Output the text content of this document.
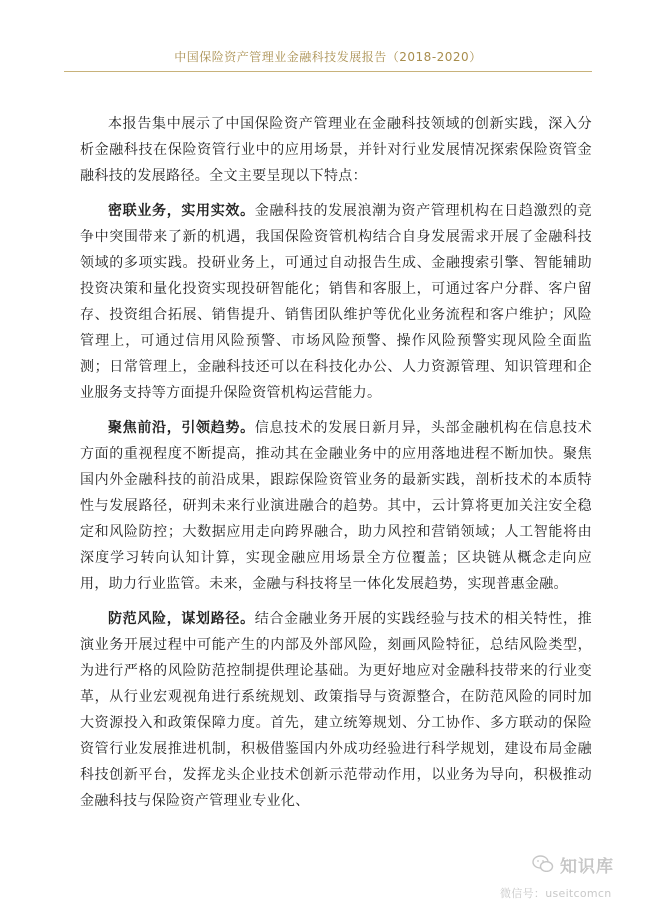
中国保险资产管理业金融科技发展报告（2018-2020）

本报告集中展示了中国保险资产管理业在金融科技领域的创新实践，深入分析金融科技在保险资管行业中的应用场景，并针对行业发展情况探索保险资管金融科技的发展路径。全文主要呈现以下特点：

密联业务，实用实效。金融科技的发展浪潮为资产管理机构在日趋激烈的竞争中突围带来了新的机遇，我国保险资管机构结合自身发展需求开展了金融科技领域的多项实践。投研业务上，可通过自动报告生成、金融搜索引擎、智能辅助投资决策和量化投资实现投研智能化；销售和客服上，可通过客户分群、客户留存、投资组合拓展、销售提升、销售团队维护等优化业务流程和客户维护；风险管理上，可通过信用风险预警、市场风险预警、操作风险预警实现风险全面监测；日常管理上，金融科技还可以在科技化办公、人力资源管理、知识管理和企业服务支持等方面提升保险资管机构运营能力。

聚焦前沿，引领趋势。信息技术的发展日新月异，头部金融机构在信息技术方面的重视程度不断提高，推动其在金融业务中的应用落地进程不断加快。聚焦国内外金融科技的前沿成果，跟踪保险资管业务的最新实践，剖析技术的本质特性与发展路径，研判未来行业演进融合的趋势。其中，云计算将更加关注安全稳定和风险防控；大数据应用走向跨界融合，助力风控和营销领域；人工智能将由深度学习转向认知计算，实现金融应用场景全方位覆盖；区块链从概念走向应用，助力行业监管。未来，金融与科技将呈一体化发展趋势，实现普惠金融。

防范风险，谋划路径。结合金融业务开展的实践经验与技术的相关特性，推演业务开展过程中可能产生的内部及外部风险，刻画风险特征，总结风险类型，为进行严格的风险防范控制提供理论基础。为更好地应对金融科技带来的行业变革，从行业宏观视角进行系统规划、政策指导与资源整合，在防范风险的同时加大资源投入和政策保障力度。首先，建立统筹规划、分工协作、多方联动的保险资管行业发展推进机制，积极借鉴国内外成功经验进行科学规划，建设布局金融科技创新平台，发挥龙头企业技术创新示范带动作用，以业务为导向，积极推动金融科技与保险资产管理业专业化、

知识库
微信号：useitcomcn
